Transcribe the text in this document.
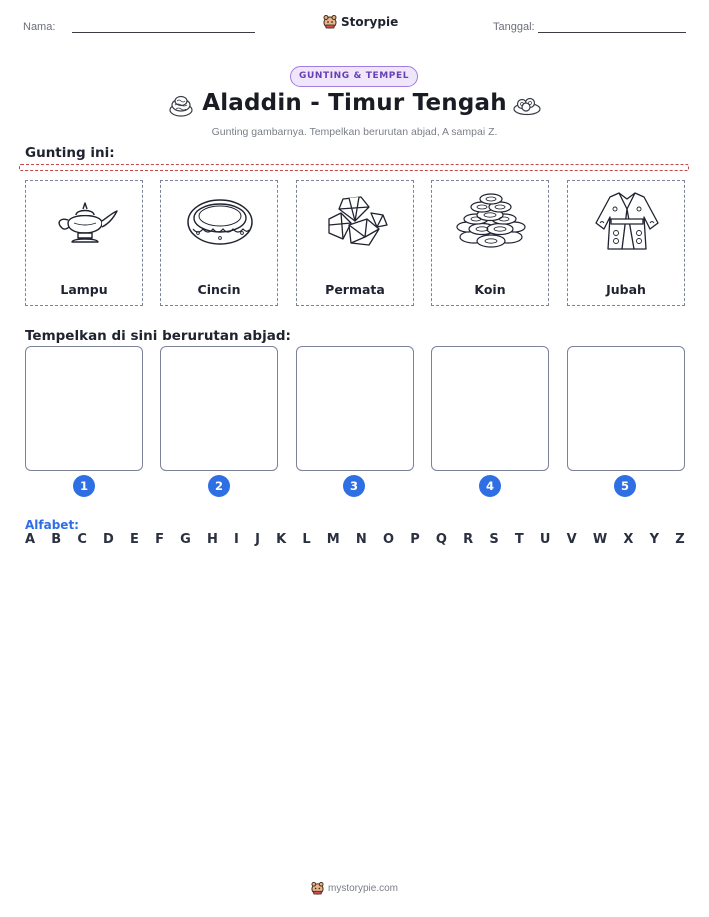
Nama:	Storypie	Tanggal:
GUNTING & TEMPEL
Aladdin - Timur Tengah
Gunting gambarnya. Tempelkan berurutan abjad, A sampai Z.
Gunting ini:
Lampu	Cincin	Permata	Koin	Jubah
Tempelkan di sini berurutan abjad:
1	2	3	4	5
Alfabet:
A B C D E F G H I J K L M N O P Q R S T U V W X Y Z
mystorypie.com
